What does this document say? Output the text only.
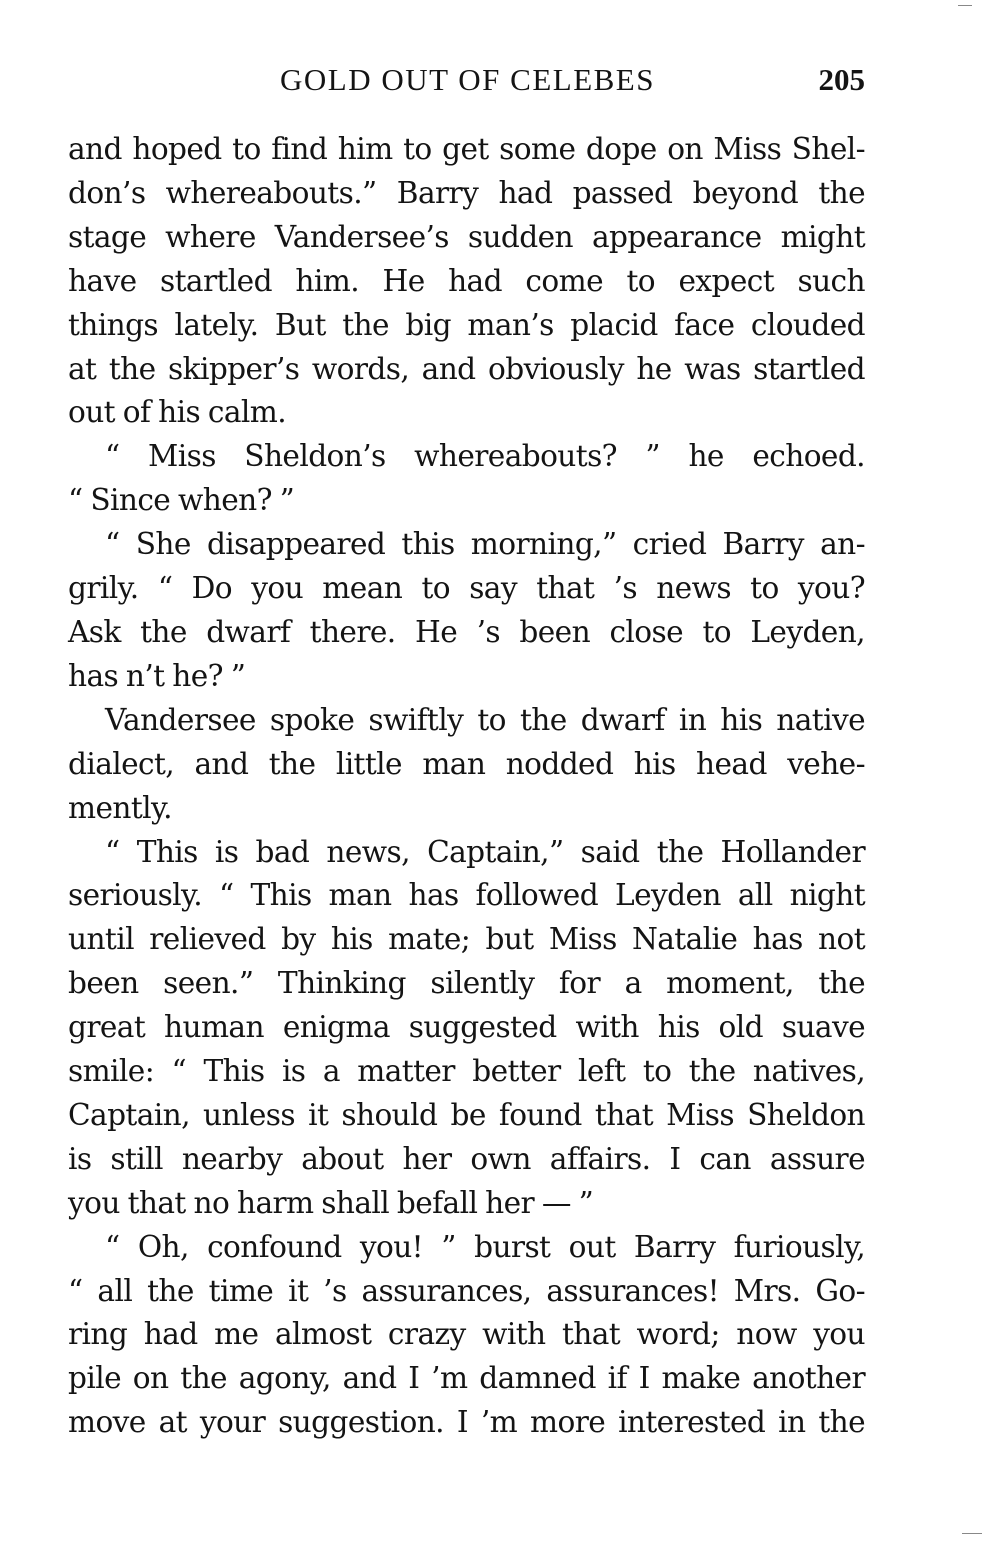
GOLD OUT OF CELEBES	205
and hoped to find him to get some dope on Miss Shel-
don’s whereabouts.” Barry had passed beyond the
stage where Vandersee’s sudden appearance might
have startled him. He had come to expect such
things lately. But the big man’s placid face clouded
at the skipper’s words, and obviously he was startled
out of his calm.
“ Miss Sheldon’s whereabouts? ” he echoed.
“ Since when? ”
“ She disappeared this morning,” cried Barry an-
grily. “ Do you mean to say that ’s news to you?
Ask the dwarf there. He ’s been close to Leyden,
has n’t he? ”
Vandersee spoke swiftly to the dwarf in his native
dialect, and the little man nodded his head vehe-
mently.
“ This is bad news, Captain,” said the Hollander
seriously. “ This man has followed Leyden all night
until relieved by his mate; but Miss Natalie has not
been seen.” Thinking silently for a moment, the
great human enigma suggested with his old suave
smile: “ This is a matter better left to the natives,
Captain, unless it should be found that Miss Sheldon
is still nearby about her own affairs. I can assure
you that no harm shall befall her — ”
“ Oh, confound you! ” burst out Barry furiously,
“ all the time it ’s assurances, assurances! Mrs. Go-
ring had me almost crazy with that word; now you
pile on the agony, and I ’m damned if I make another
move at your suggestion. I ’m more interested in the
